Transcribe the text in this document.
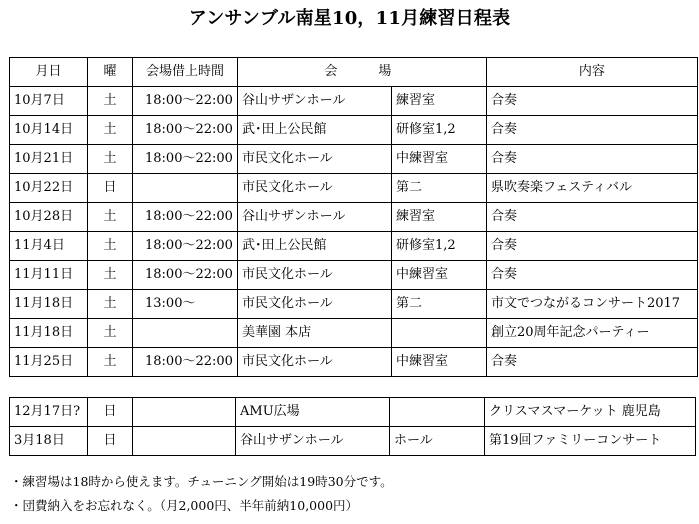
アンサンブル南星10，11月練習日程表
月日	曜	会場借上時間	会　場		内容
10月7日	土	18:00～22:00	谷山サザンホール	練習室	合奏
10月14日	土	18:00～22:00	武･田上公民館	研修室1,2	合奏
10月21日	土	18:00～22:00	市民文化ホール	中練習室	合奏
10月22日	日		市民文化ホール	第二	県吹奏楽フェスティバル
10月28日	土	18:00～22:00	谷山サザンホール	練習室	合奏
11月4日	土	18:00～22:00	武･田上公民館	研修室1,2	合奏
11月11日	土	18:00～22:00	市民文化ホール	中練習室	合奏
11月18日	土	13:00～	市民文化ホール	第二	市文でつながるコンサート2017
11月18日	土		美華園 本店		創立20周年記念パーティー
11月25日	土	18:00～22:00	市民文化ホール	中練習室	合奏
12月17日?	日		AMU広場		クリスマスマーケット 鹿児島
3月18日	日		谷山サザンホール	ホール	第19回ファミリーコンサート
・練習場は18時から使えます。チューニング開始は19時30分です。
・団費納入をお忘れなく。（月2,000円、半年前納10,000円）
